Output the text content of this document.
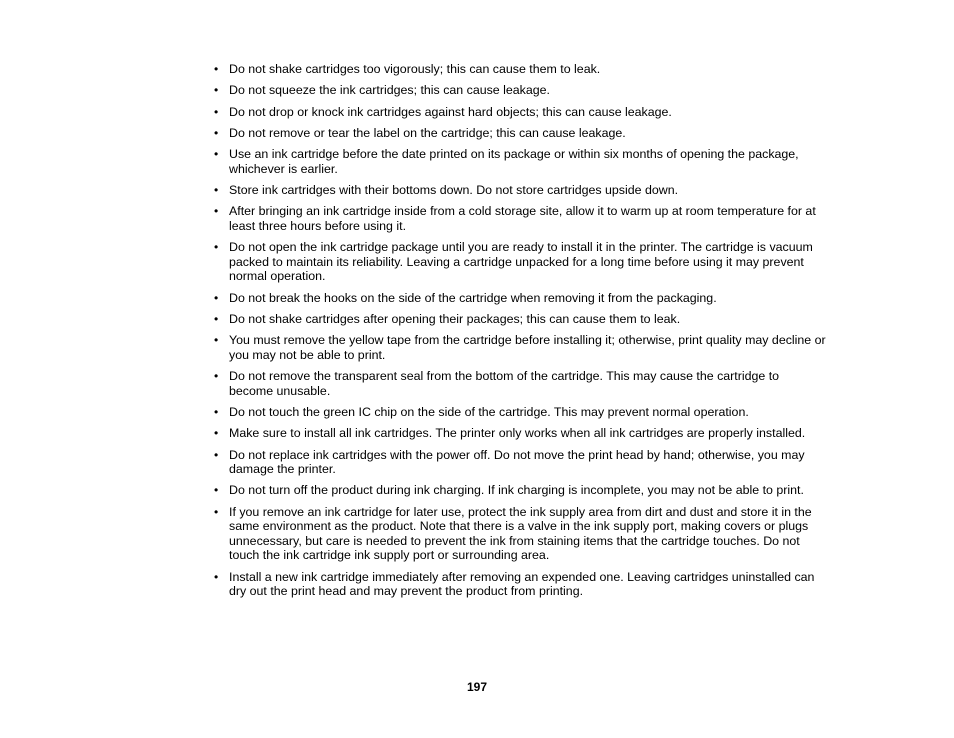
• Do not shake cartridges too vigorously; this can cause them to leak.
• Do not squeeze the ink cartridges; this can cause leakage.
• Do not drop or knock ink cartridges against hard objects; this can cause leakage.
• Do not remove or tear the label on the cartridge; this can cause leakage.
• Use an ink cartridge before the date printed on its package or within six months of opening the package, whichever is earlier.
• Store ink cartridges with their bottoms down. Do not store cartridges upside down.
• After bringing an ink cartridge inside from a cold storage site, allow it to warm up at room temperature for at least three hours before using it.
• Do not open the ink cartridge package until you are ready to install it in the printer. The cartridge is vacuum packed to maintain its reliability. Leaving a cartridge unpacked for a long time before using it may prevent normal operation.
• Do not break the hooks on the side of the cartridge when removing it from the packaging.
• Do not shake cartridges after opening their packages; this can cause them to leak.
• You must remove the yellow tape from the cartridge before installing it; otherwise, print quality may decline or you may not be able to print.
• Do not remove the transparent seal from the bottom of the cartridge. This may cause the cartridge to become unusable.
• Do not touch the green IC chip on the side of the cartridge. This may prevent normal operation.
• Make sure to install all ink cartridges. The printer only works when all ink cartridges are properly installed.
• Do not replace ink cartridges with the power off. Do not move the print head by hand; otherwise, you may damage the printer.
• Do not turn off the product during ink charging. If ink charging is incomplete, you may not be able to print.
• If you remove an ink cartridge for later use, protect the ink supply area from dirt and dust and store it in the same environment as the product. Note that there is a valve in the ink supply port, making covers or plugs unnecessary, but care is needed to prevent the ink from staining items that the cartridge touches. Do not touch the ink cartridge ink supply port or surrounding area.
• Install a new ink cartridge immediately after removing an expended one. Leaving cartridges uninstalled can dry out the print head and may prevent the product from printing.
197
